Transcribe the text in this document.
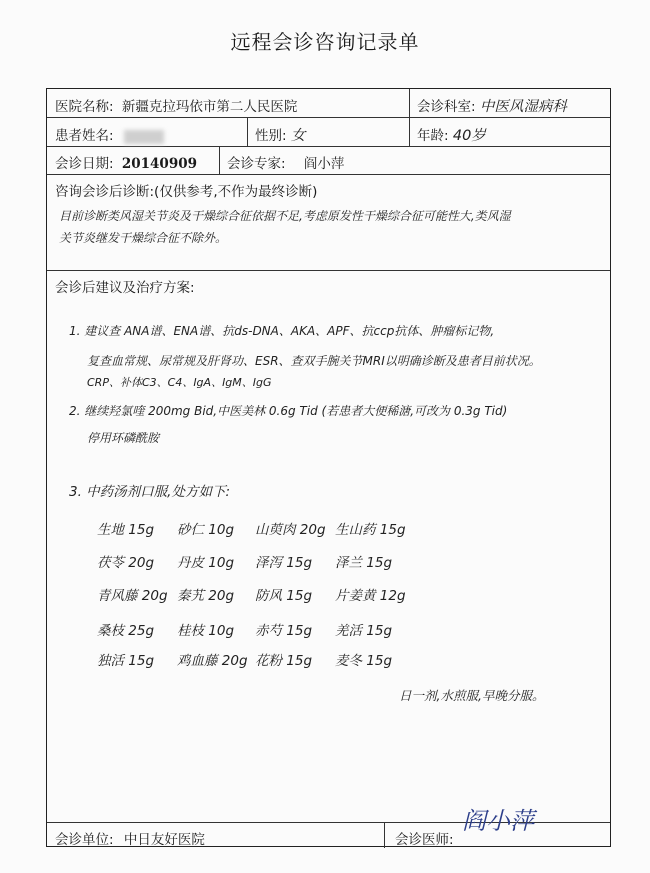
远程会诊咨询记录单
医院名称: 新疆克拉玛依市第二人民医院	会诊科室: 中医风湿病科
患者姓名:	性别: 女	年龄: 40岁
会诊日期: 20140909 会诊专家: 阎小萍
咨询会诊后诊断:(仅供参考,不作为最终诊断)
目前诊断类风湿关节炎及干燥综合征依据不足,考虑原发性干燥综合征可能性大,类风湿
关节炎继发干燥综合征不除外。
会诊后建议及治疗方案:
1. 建议查 ANA谱、ENA谱、抗ds-DNA、AKA、APF、抗ccp抗体、肿瘤标记物,
复查血常规、尿常规及肝肾功、ESR、查双手腕关节MRI以明确诊断及患者目前状况。
CRP、补体C3、C4、IgA、IgM、IgG
2. 继续羟氯喹 200mg Bid,中医美林 0.6g Tid (若患者大便稀溏,可改为 0.3g Tid)
停用环磷酰胺
3. 中药汤剂口服,处方如下:
生地 15g 砂仁 10g 山萸肉 20g 生山药 15g
茯苓 20g 丹皮 10g 泽泻 15g 泽兰 15g
青风藤 20g 秦艽 20g 防风 15g 片姜黄 12g
桑枝 25g 桂枝 10g 赤芍 15g 羌活 15g
独活 15g 鸡血藤 20g 花粉 15g 麦冬 15g
日一剂,水煎服,早晚分服。
会诊单位: 中日友好医院	会诊医师:
阎小萍
